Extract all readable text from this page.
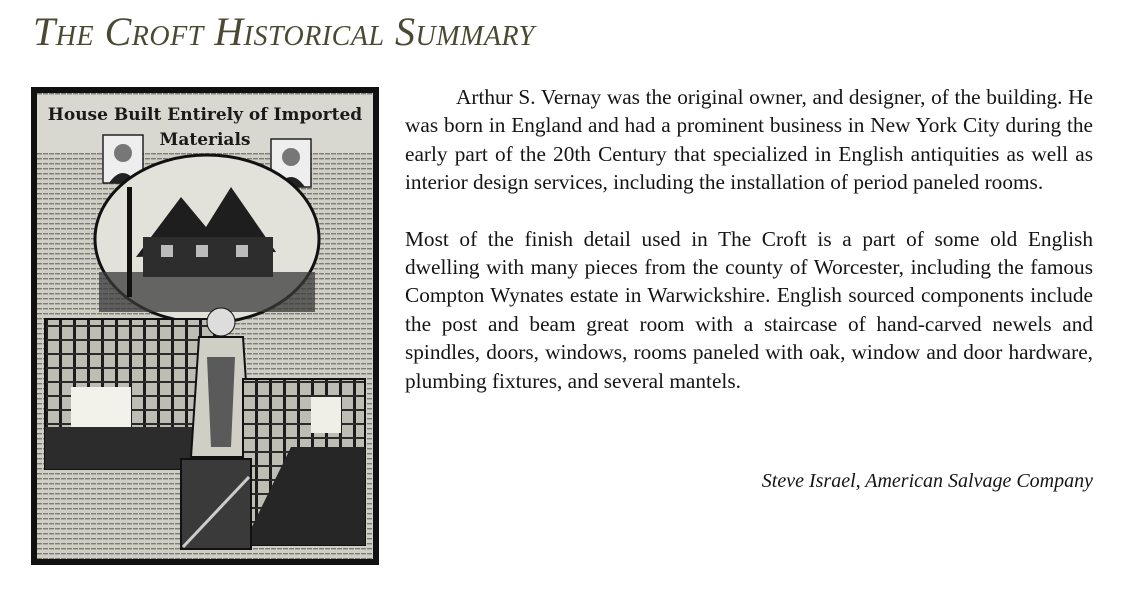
The Croft Historical Summary
House Built Entirely of Imported
Materials

Arthur S. Vernay was the original owner, and designer, of the building. He was born in England and had a prominent business in New York City during the early part of the 20th Century that specialized in English antiquities as well as interior design services, including the installation of period paneled rooms.

Most of the finish detail used in The Croft is a part of some old English dwelling with many pieces from the county of Worcester, including the famous Compton Wynates estate in Warwickshire. English sourced components include the post and beam great room with a staircase of hand-carved newels and spindles, doors, windows, rooms paneled with oak, window and door hardware, plumbing fixtures, and several mantels.

Steve Israel, American Salvage Company
